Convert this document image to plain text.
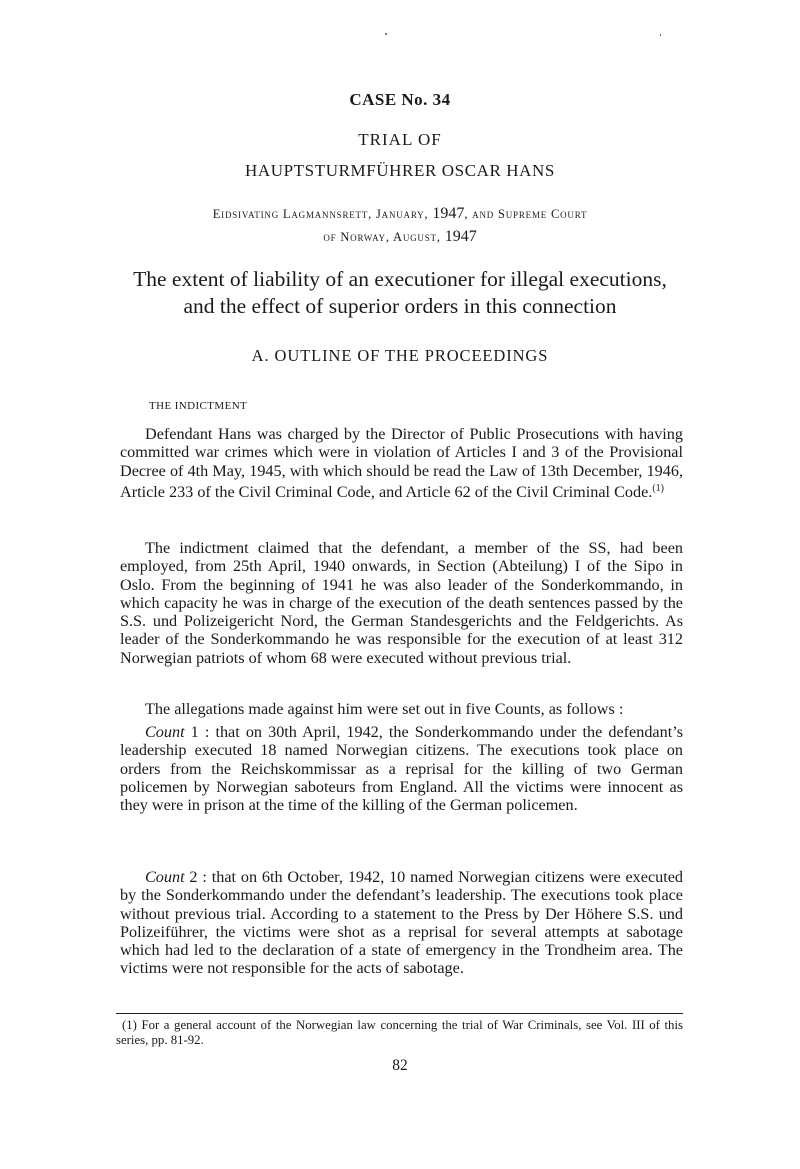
CASE No. 34
TRIAL OF
HAUPTSTURMFÜHRER OSCAR HANS
Eidsivating Lagmannsrett, January, 1947, and Supreme Court
of Norway, August, 1947
The extent of liability of an executioner for illegal executions,
and the effect of superior orders in this connection
A. OUTLINE OF THE PROCEEDINGS
THE INDICTMENT

Defendant Hans was charged by the Director of Public Prosecutions with having committed war crimes which were in violation of Articles I and 3 of the Provisional Decree of 4th May, 1945, with which should be read the Law of 13th December, 1946, Article 233 of the Civil Criminal Code, and Article 62 of the Civil Criminal Code.$^{(1)}$

The indictment claimed that the defendant, a member of the SS, had been employed, from 25th April, 1940 onwards, in Section (Abteilung) I of the Sipo in Oslo. From the beginning of 1941 he was also leader of the Sonderkommando, in which capacity he was in charge of the execution of the death sentences passed by the S.S. und Polizeigericht Nord, the German Standesgerichts and the Feldgerichts. As leader of the Sonderkommando he was responsible for the execution of at least 312 Norwegian patriots of whom 68 were executed without previous trial.

The allegations made against him were set out in five Counts, as follows :

Count 1 : that on 30th April, 1942, the Sonderkommando under the defendant’s leadership executed 18 named Norwegian citizens. The executions took place on orders from the Reichskommissar as a reprisal for the killing of two German policemen by Norwegian saboteurs from England. All the victims were innocent as they were in prison at the time of the killing of the German policemen.

Count 2 : that on 6th October, 1942, 10 named Norwegian citizens were executed by the Sonderkommando under the defendant’s leadership. The executions took place without previous trial. According to a statement to the Press by Der Höhere S.S. und Polizeiführer, the victims were shot as a reprisal for several attempts at sabotage which had led to the declaration of a state of emergency in the Trondheim area. The victims were not responsible for the acts of sabotage.

(1) For a general account of the Norwegian law concerning the trial of War Criminals, see Vol. III of this series, pp. 81-92.
82
